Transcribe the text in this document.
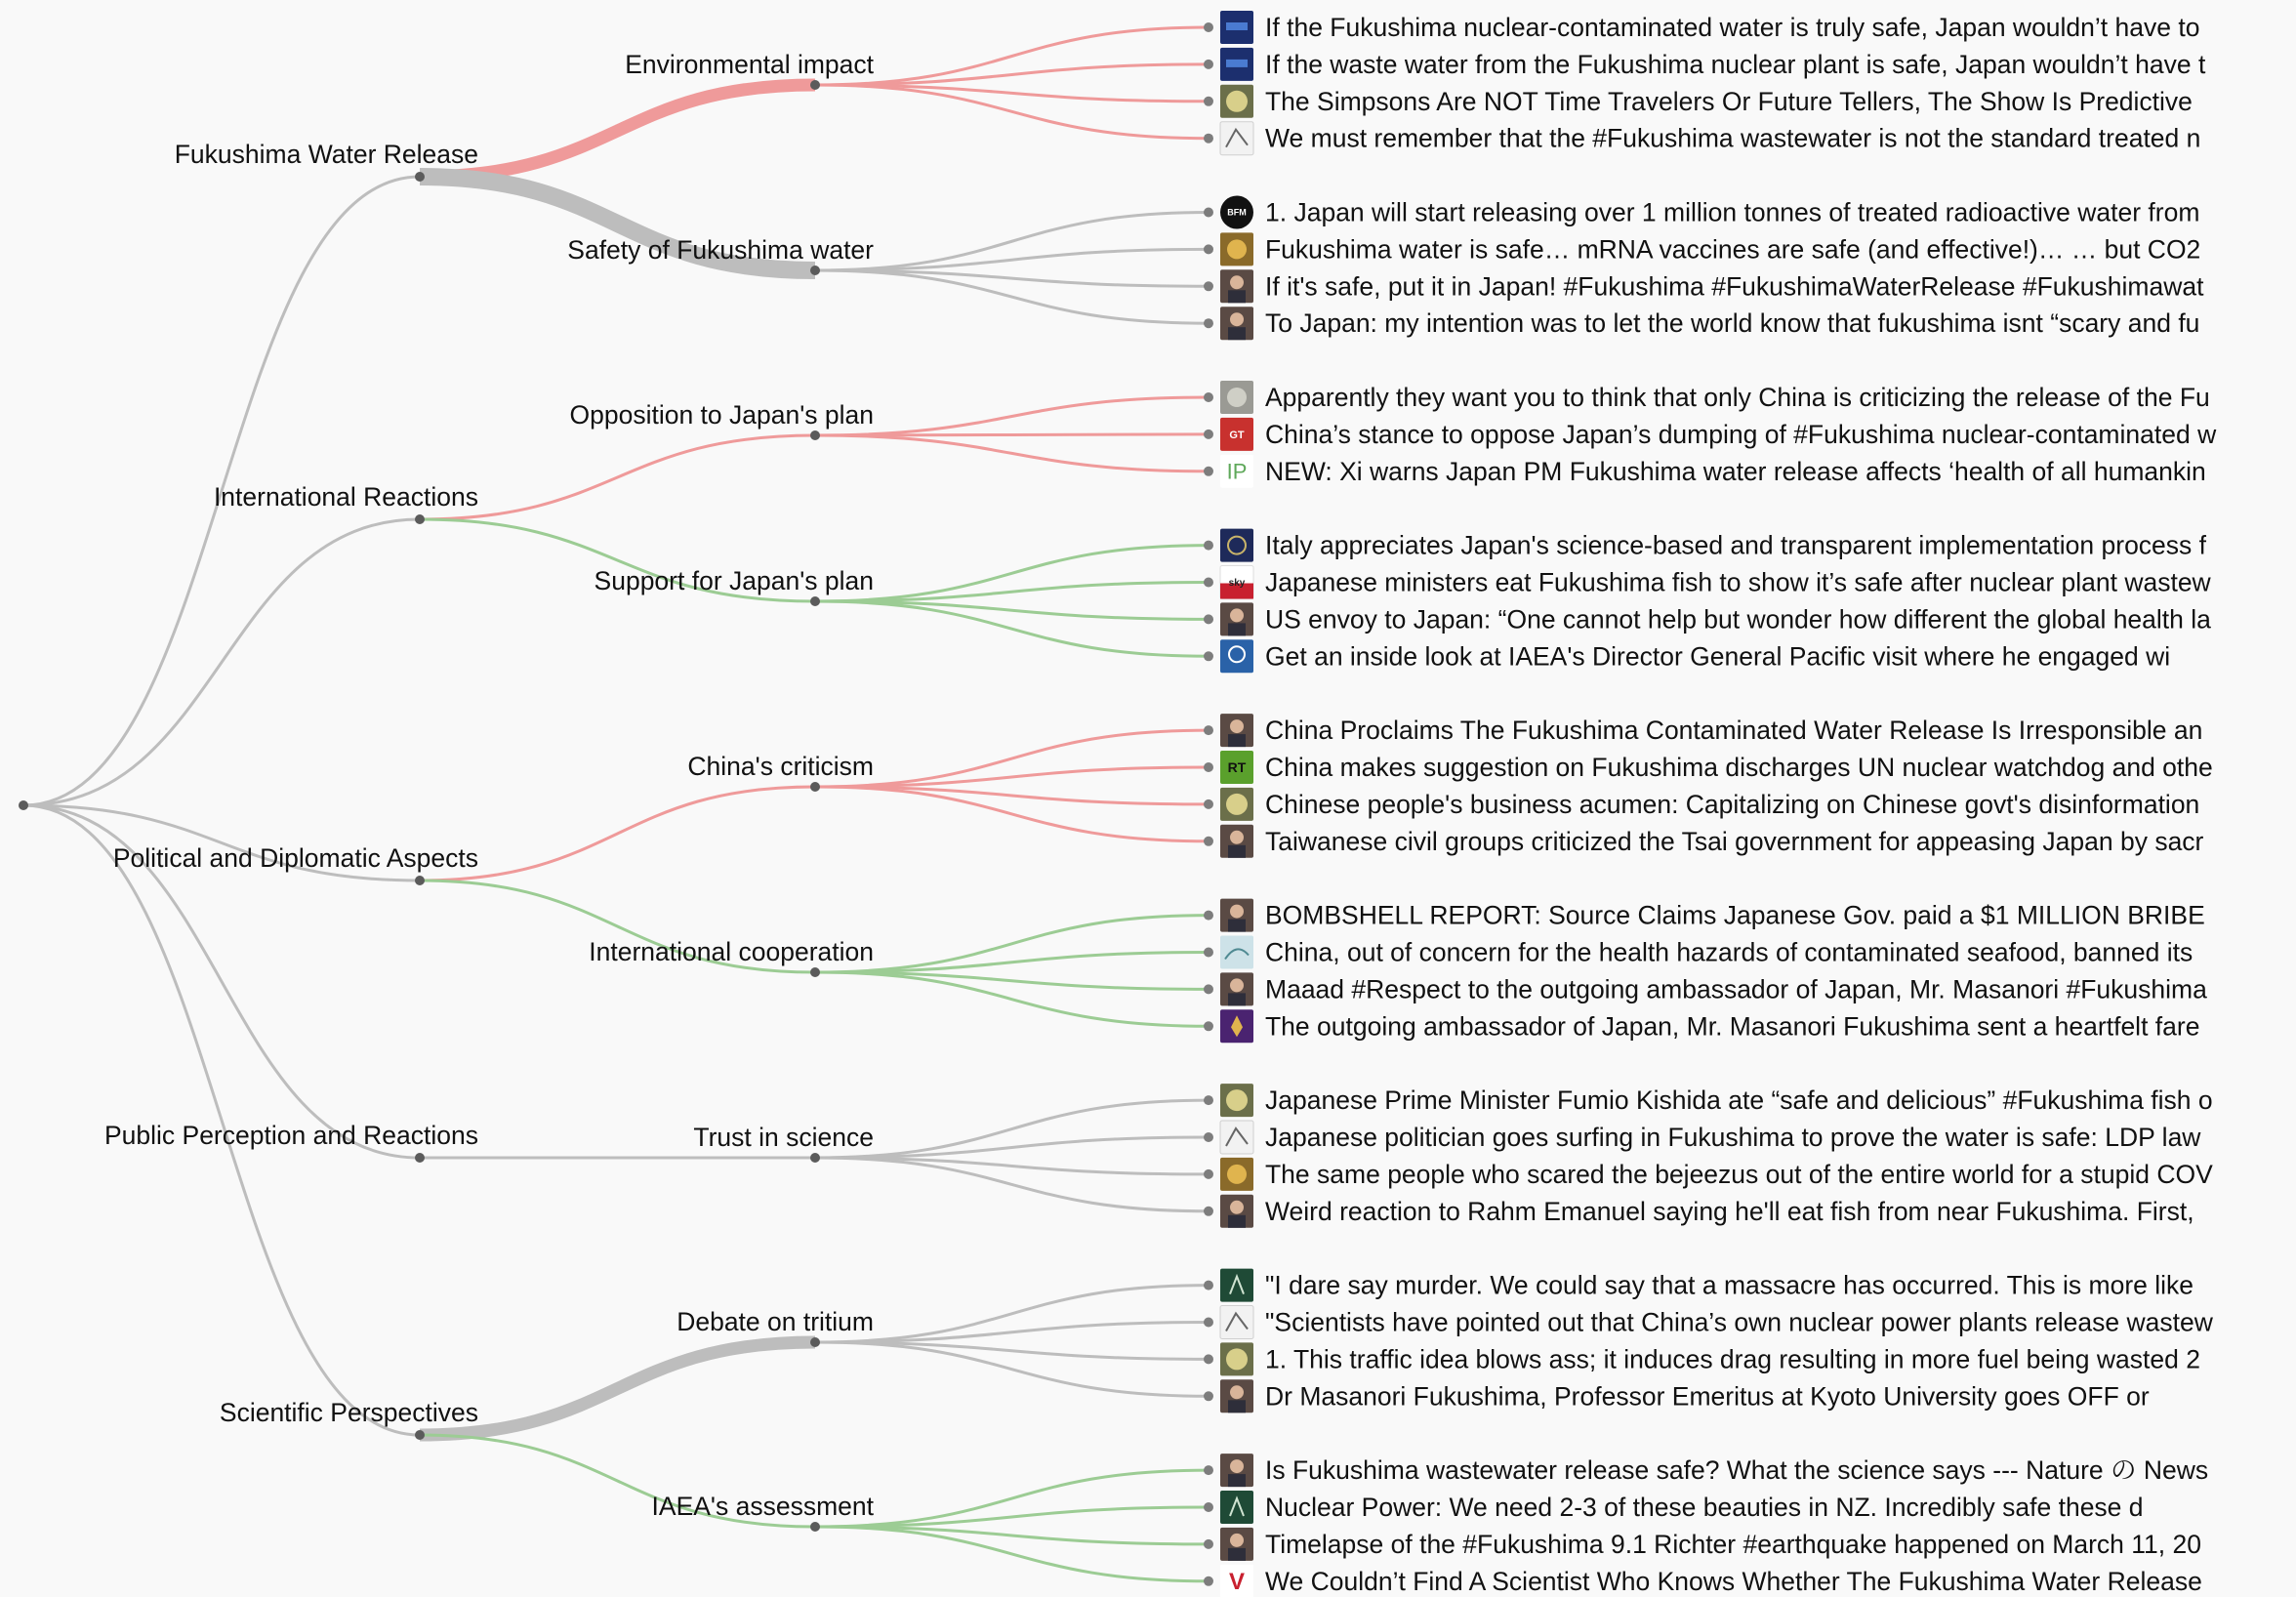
Environmental impact
Safety of Fukushima water
Fukushima Water Release
Opposition to Japan's plan
Support for Japan's plan
International Reactions
China's criticism
International cooperation
Political and Diplomatic Aspects
Trust in science
Public Perception and Reactions
Debate on tritium
IAEA's assessment
Scientific Perspectives
If the Fukushima nuclear-contaminated water is truly safe, Japan wouldn’t have to
If the waste water from the Fukushima nuclear plant is safe, Japan wouldn’t have t
The Simpsons Are NOT Time Travelers Or Future Tellers, The Show Is Predictive
We must remember that the #Fukushima wastewater is not the standard treated n
BFM 1. Japan will start releasing over 1 million tonnes of treated radioactive water from
Fukushima water is safe… mRNA vaccines are safe (and effective!)… … but CO2
If it's safe, put it in Japan! #Fukushima #FukushimaWaterRelease #Fukushimawat
To Japan: my intention was to let the world know that fukushima isnt “scary and fu
Apparently they want you to think that only China is criticizing the release of the Fu
GT China’s stance to oppose Japan’s dumping of #Fukushima nuclear-contaminated w
IP NEW: Xi warns Japan PM Fukushima water release affects ‘health of all humankin
Italy appreciates Japan's science-based and transparent implementation process f
sky Japanese ministers eat Fukushima fish to show it’s safe after nuclear plant wastew
US envoy to Japan: “One cannot help but wonder how different the global health la
Get an inside look at IAEA's Director General Pacific visit where he engaged wi
China Proclaims The Fukushima Contaminated Water Release Is Irresponsible an
RT China makes suggestion on Fukushima discharges UN nuclear watchdog and othe
Chinese people's business acumen: Capitalizing on Chinese govt's disinformation
Taiwanese civil groups criticized the Tsai government for appeasing Japan by sacr
BOMBSHELL REPORT: Source Claims Japanese Gov. paid a $1 MILLION BRIBE
China, out of concern for the health hazards of contaminated seafood, banned its
Maaad #Respect to the outgoing ambassador of Japan, Mr. Masanori #Fukushima
The outgoing ambassador of Japan, Mr. Masanori Fukushima sent a heartfelt fare
Japanese Prime Minister Fumio Kishida ate “safe and delicious” #Fukushima fish o
Japanese politician goes surfing in Fukushima to prove the water is safe: LDP law
The same people who scared the bejeezus out of the entire world for a stupid COV
Weird reaction to Rahm Emanuel saying he'll eat fish from near Fukushima. First,
"I dare say murder. We could say that a massacre has occurred. This is more like
"Scientists have pointed out that China’s own nuclear power plants release wastew
1. This traffic idea blows ass; it induces drag resulting in more fuel being wasted 2
Dr Masanori Fukushima, Professor Emeritus at Kyoto University goes OFF or
Is Fukushima wastewater release safe? What the science says --- Nature の News
Nuclear Power: We need 2-3 of these beauties in NZ. Incredibly safe these d
Timelapse of the #Fukushima 9.1 Richter #earthquake happened on March 11, 20
V We Couldn’t Find A Scientist Who Knows Whether The Fukushima Water Release
